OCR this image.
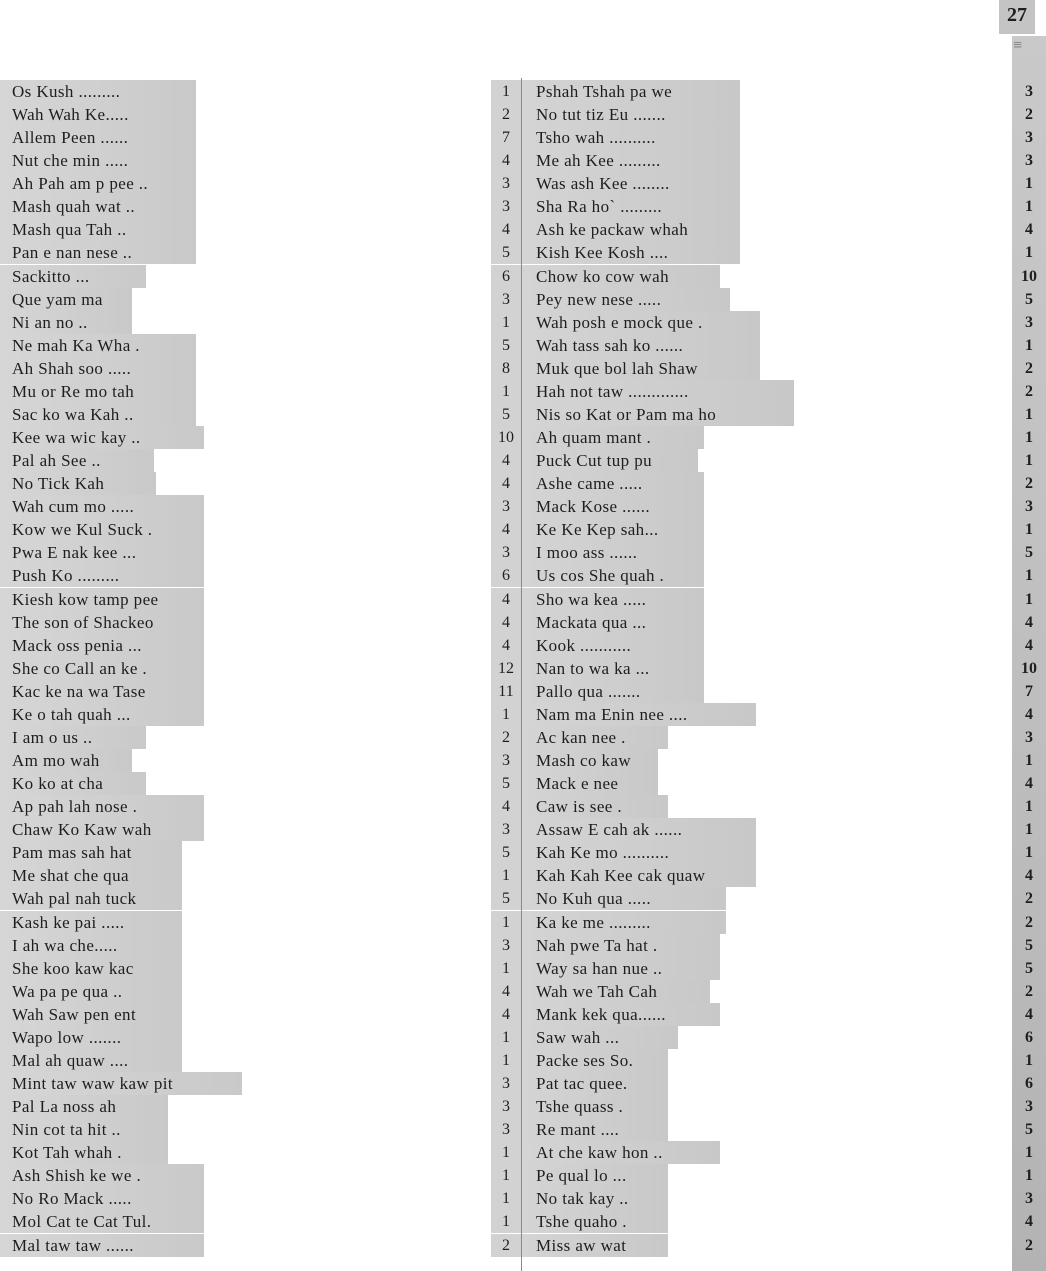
27
≡
Os Kush .........	1	Pshah Tshah pa we	3
Wah Wah Ke.....	2	No tut tiz Eu .......	2
Allem Peen ......	7	Tsho wah ..........	3
Nut che min .....	4	Me ah Kee .........	3
Ah Pah am p pee ..	3	Was ash Kee ........	1
Mash quah wat ..	3	Sha Ra ho` .........	1
Mash qua Tah ..	4	Ash ke packaw whah	4
Pan e nan nese ..	5	Kish Kee Kosh ....	1
Sackitto ...	6	Chow ko cow wah	10
Que yam ma	3	Pey new nese .....	5
Ni an no ..	1	Wah posh e mock que .	3
Ne mah Ka Wha .	5	Wah tass sah ko ......	1
Ah Shah soo .....	8	Muk que bol lah Shaw	2
Mu or Re mo tah	1	Hah not taw .............	2
Sac ko wa Kah ..	5	Nis so Kat or Pam ma ho	1
Kee wa wic kay ..	10	Ah quam mant .	1
Pal ah See ..	4	Puck Cut tup pu	1
No Tick Kah	4	Ashe came .....	2
Wah cum mo .....	3	Mack Kose ......	3
Kow we Kul Suck .	4	Ke Ke Kep sah...	1
Pwa E nak kee ...	3	I moo ass ......	5
Push Ko .........	6	Us cos She quah .	1
Kiesh kow tamp pee	4	Sho wa kea .....	1
The son of Shackeo	4	Mackata qua ...	4
Mack oss penia ...	4	Kook ...........	4
She co Call an ke .	12	Nan to wa ka ...	10
Kac ke na wa Tase	11	Pallo qua .......	7
Ke o tah quah ...	1	Nam ma Enin nee ....	4
I am o us ..	2	Ac kan nee .	3
Am mo wah	3	Mash co kaw	1
Ko ko at cha	5	Mack e nee	4
Ap pah lah nose .	4	Caw is see .	1
Chaw Ko Kaw wah	3	Assaw E cah ak ......	1
Pam mas sah hat	5	Kah Ke mo ..........	1
Me shat che qua	1	Kah Kah Kee cak quaw	4
Wah pal nah tuck	5	No Kuh qua .....	2
Kash ke pai .....	1	Ka ke me .........	2
I ah wa che.....	3	Nah pwe Ta hat .	5
She koo kaw kac	1	Way sa han nue ..	5
Wa pa pe qua ..	4	Wah we Tah Cah	2
Wah Saw pen ent	4	Mank kek qua......	4
Wapo low .......	1	Saw wah ...	6
Mal ah quaw ....	1	Packe ses So.	1
Mint taw waw kaw pit	3	Pat tac quee.	6
Pal La noss ah	3	Tshe quass .	3
Nin cot ta hit ..	3	Re mant ....	5
Kot Tah whah .	1	At che kaw hon ..	1
Ash Shish ke we .	1	Pe qual lo ...	1
No Ro Mack .....	1	No tak kay ..	3
Mol Cat te Cat Tul.	1	Tshe quaho .	4
Mal taw taw ......	2	Miss aw wat	2
